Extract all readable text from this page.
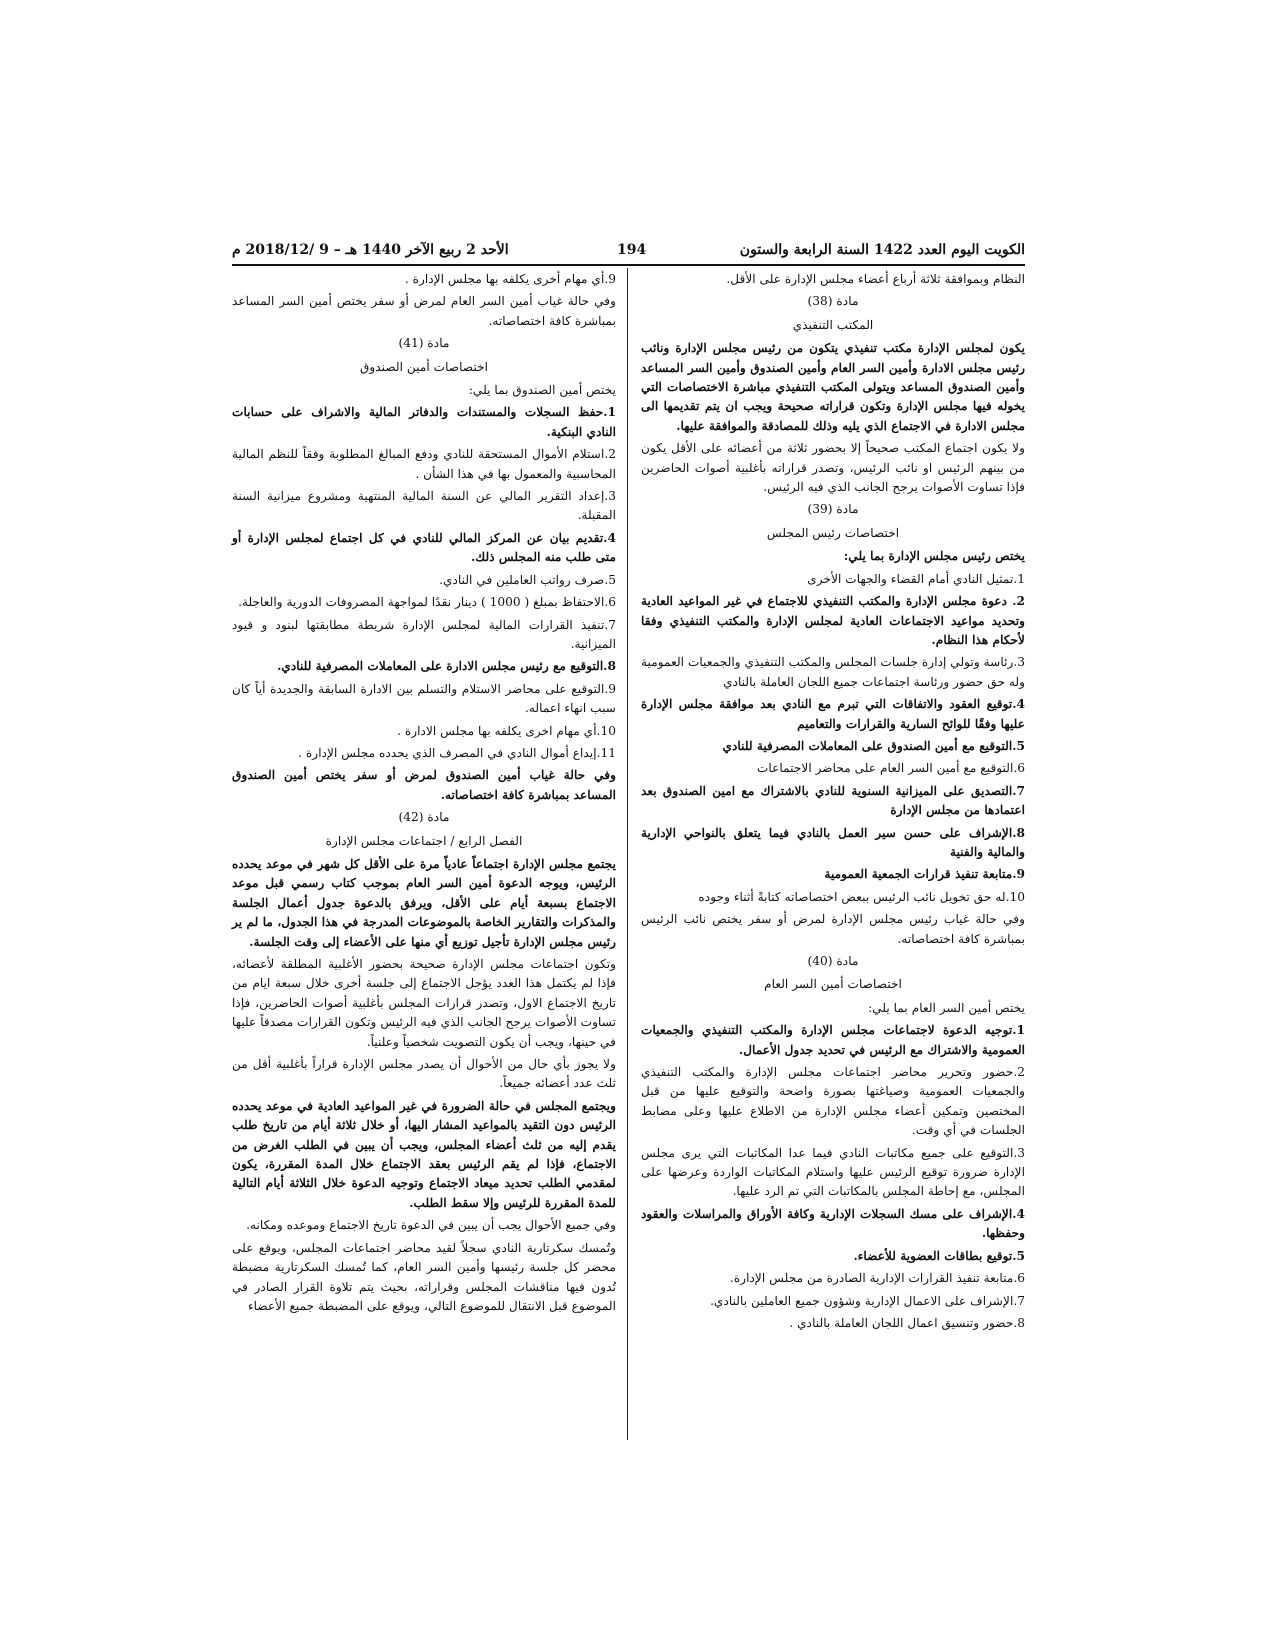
الكويت اليوم العدد 1422 السنة الرابعة والستون
194
الأحد 2 ربيع الآخر 1440 هـ – 9 /2018/12 م

النظام وبموافقة ثلاثة أرباع أعضاء مجلس الإدارة على الأقل.

مادة (38)

المكتب التنفيذي

يكون لمجلس الإدارة مكتب تنفيذي يتكون من رئيس مجلس الإدارة ونائب رئيس مجلس الادارة وأمين السر العام وأمين الصندوق وأمين السر المساعد وأمين الصندوق المساعد ويتولى المكتب التنفيذي مباشرة الاختصاصات التي يخوله فيها مجلس الإدارة وتكون قراراته صحيحة ويجب ان يتم تقديمها الى مجلس الادارة في الاجتماع الذي يليه وذلك للمصادقة والموافقة عليها.

ولا يكون اجتماع المكتب صحيحاً إلا بحضور ثلاثة من أعضائه على الأقل يكون من بينهم الرئيس او نائب الرئيس، وتصدر قراراته بأغلبية أصوات الحاضرين فإذا تساوت الأصوات يرجح الجانب الذي فيه الرئيس.

مادة (39)

اختصاصات رئيس المجلس

يختص رئيس مجلس الإدارة بما يلي:

1.تمثيل النادي أمام القضاء والجهات الأخرى

2. دعوة مجلس الإدارة والمكتب التنفيذي للاجتماع في غير المواعيد العادية وتحديد مواعيد الاجتماعات العادية لمجلس الإدارة والمكتب التنفيذي وفقا لأحكام هذا النظام.

3.رئاسة وتولي إدارة جلسات المجلس والمكتب التنفيذي والجمعيات العمومية وله حق حضور ورئاسة اجتماعات جميع اللجان العاملة بالنادي

4.توقيع العقود والاتفاقات التي تبرم مع النادي بعد موافقة مجلس الإدارة عليها وفقًا للوائح السارية والقرارات والتعاميم

5.التوقيع مع أمين الصندوق على المعاملات المصرفية للنادي

6.التوقيع مع أمين السر العام على محاضر الاجتماعات

7.التصديق على الميزانية السنوية للنادي بالاشتراك مع امين الصندوق بعد اعتمادها من مجلس الإدارة

8.الإشراف على حسن سير العمل بالنادي فيما يتعلق بالنواحي الإدارية والمالية والفنية

9.متابعة تنفيذ قرارات الجمعية العمومية

10.له حق تخويل نائب الرئيس ببعض اختصاصاته كتابةً أثناء وجوده

وفي حالة غياب رئيس مجلس الإدارة لمرض أو سفر يختص نائب الرئيس بمباشرة كافة اختصاصاته.

مادة (40)

اختصاصات أمين السر العام

يختص أمين السر العام بما يلي:

1.توجيه الدعوة لاجتماعات مجلس الإدارة والمكتب التنفيذي والجمعيات العمومية والاشتراك مع الرئيس في تحديد جدول الأعمال.

2.حضور وتحرير محاضر اجتماعات مجلس الإدارة والمكتب التنفيذي والجمعيات العمومية وصياغتها بصورة واضحة والتوقيع عليها من قبل المختصين وتمكين أعضاء مجلس الإدارة من الاطلاع عليها وعلى مضابط الجلسات في أي وقت.

3.التوقيع على جميع مكاتبات النادي فيما عدا المكاتبات التي يرى مجلس الإدارة ضرورة توقيع الرئيس عليها واستلام المكاتبات الواردة وعرضها على المجلس، مع إحاطة المجلس بالمكاتبات التي تم الرد عليها.

4.الإشراف على مسك السجلات الإدارية وكافة الأوراق والمراسلات والعقود وحفظها.

5.توقيع بطاقات العضوية للأعضاء.

6.متابعة تنفيذ القرارات الإدارية الصادرة من مجلس الإدارة.

7.الإشراف على الاعمال الإدارية وشؤون جميع العاملين بالنادي.

8.حضور وتنسيق اعمال اللجان العاملة بالنادي .

9.أي مهام أخرى يكلفه بها مجلس الإدارة .

وفي حالة غياب أمين السر العام لمرض أو سفر يختص أمين السر المساعد بمباشرة كافة اختصاصاته.

مادة (41)

اختصاصات أمين الصندوق

يختص أمين الصندوق بما يلي:

1.حفظ السجلات والمستندات والدفاتر المالية والاشراف على حسابات النادي البنكية.

2.استلام الأموال المستحقة للنادي ودفع المبالغ المطلوبة وفقاً للنظم المالية المحاسبية والمعمول بها في هذا الشأن .

3.إعداد التقرير المالي عن السنة المالية المنتهية ومشروع ميزانية السنة المقبلة.

4.تقديم بيان عن المركز المالي للنادي في كل اجتماع لمجلس الإدارة أو متى طلب منه المجلس ذلك.

5.صرف رواتب العاملين في النادي.

6.الاحتفاظ بمبلغ ( 1000 ) دينار نقدًا لمواجهة المصروفات الدورية والعاجلة.

7.تنفيذ القرارات المالية لمجلس الإدارة شريطة مطابقتها لبنود و قيود الميزانية.

8.التوقيع مع رئيس مجلس الادارة على المعاملات المصرفية للنادي.

9.التوقيع على محاضر الاستلام والتسلم بين الادارة السابقة والجديدة أياً كان سبب انهاء اعماله.

10.أي مهام اخرى يكلفه بها مجلس الادارة .

11.إيداع أموال النادي في المصرف الذي يحدده مجلس الإدارة .

وفي حالة غياب أمين الصندوق لمرض أو سفر يختص أمين الصندوق المساعد بمباشرة كافة اختصاصاته.

مادة (42)

الفصل الرابع / اجتماعات مجلس الإدارة

يجتمع مجلس الإدارة اجتماعاً عادياً مرة على الأقل كل شهر في موعد يحدده الرئيس، ويوجه الدعوة أمين السر العام بموجب كتاب رسمي قبل موعد الاجتماع بسبعة أيام على الأقل، ويرفق بالدعوة جدول أعمال الجلسة والمذكرات والتقارير الخاصة بالموضوعات المدرجة في هذا الجدول، ما لم ير رئيس مجلس الإدارة تأجيل توزيع أي منها على الأعضاء إلى وقت الجلسة.

وتكون اجتماعات مجلس الإدارة صحيحة بحضور الأغلبية المطلقة لأعضائه، فإذا لم يكتمل هذا العدد يؤجل الاجتماع إلى جلسة أخرى خلال سبعة ايام من تاريخ الاجتماع الاول، وتصدر قرارات المجلس بأغلبية أصوات الحاضرين، فإذا تساوت الأصوات يرجح الجانب الذي فيه الرئيس وتكون القرارات مصدقاً عليها في حينها، ويجب أن يكون التصويت شخصياً وعلنياً.

ولا يجوز بأي حال من الأحوال أن يصدر مجلس الإدارة قراراً بأغلبية أقل من ثلث عدد أعضائه جميعاً.

ويجتمع المجلس في حالة الضرورة في غير المواعيد العادية في موعد يحدده الرئيس دون التقيد بالمواعيد المشار اليها، أو خلال ثلاثة أيام من تاريخ طلب يقدم إليه من ثلث أعضاء المجلس، ويجب أن يبين في الطلب الغرض من الاجتماع، فإذا لم يقم الرئيس بعقد الاجتماع خلال المدة المقررة، يكون لمقدمي الطلب تحديد ميعاد الاجتماع وتوجيه الدعوة خلال الثلاثة أيام التالية للمدة المقررة للرئيس وإلا سقط الطلب.

وفي جميع الأحوال يجب أن يبين في الدعوة تاريخ الاجتماع وموعده ومكانه.

وتُمسك سكرتارية النادي سجلاً لقيد محاضر اجتماعات المجلس، ويوقع على محضر كل جلسة رئيسها وأمين السر العام، كما تُمسك السكرتارية مضبطة تُدون فيها مناقشات المجلس وقراراته، بحيث يتم تلاوة القرار الصادر في الموضوع قبل الانتقال للموضوع التالي، ويوقع على المضبطة جميع الأعضاء
